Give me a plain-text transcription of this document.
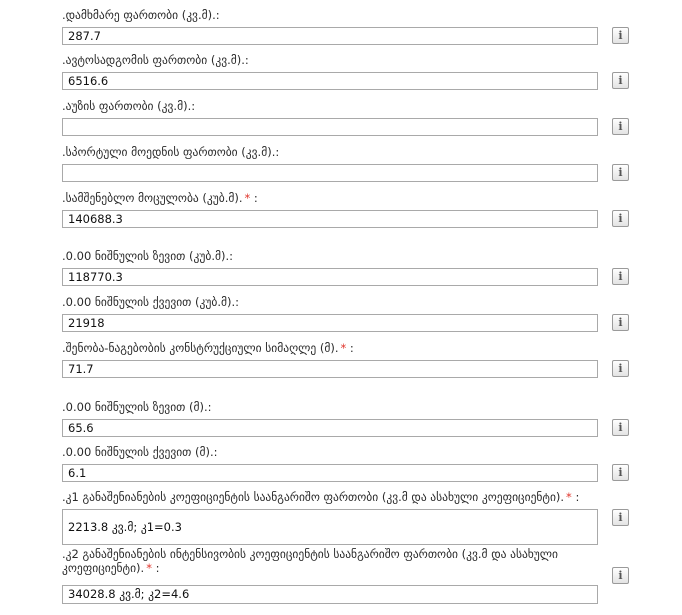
.დამხმარე ფართობი (კვ.მ).:
287.7
i
.ავტოსადგომის ფართობი (კვ.მ).:
6516.6
i
.აუზის ფართობი (კვ.მ).:
i
.სპორტული მოედნის ფართობი (კვ.მ).:
i
.სამშენებლო მოცულობა (კუბ.მ). * :
140688.3
i
.0.00 ნიშნულის ზევით (კუბ.მ).:
118770.3
i
.0.00 ნიშნულის ქვევით (კუბ.მ).:
21918
i
.შენობა-ნაგებობის კონსტრუქციული სიმაღლე (მ). * :
71.7
i
.0.00 ნიშნულის ზევით (მ).:
65.6
i
.0.00 ნიშნულის ქვევით (მ).:
6.1
i
.კ1 განაშენიანების კოეფიციენტის საანგარიშო ფართობი (კვ.მ და ასახული კოეფიციენტი). * :
2213.8 კვ.მ; კ1=0.3
i
.კ2 განაშენიანების ინტენსივობის კოეფიციენტის საანგარიშო ფართობი (კვ.მ და ასახული კოეფიციენტი). * :
34028.8 კვ.მ; კ2=4.6
i
